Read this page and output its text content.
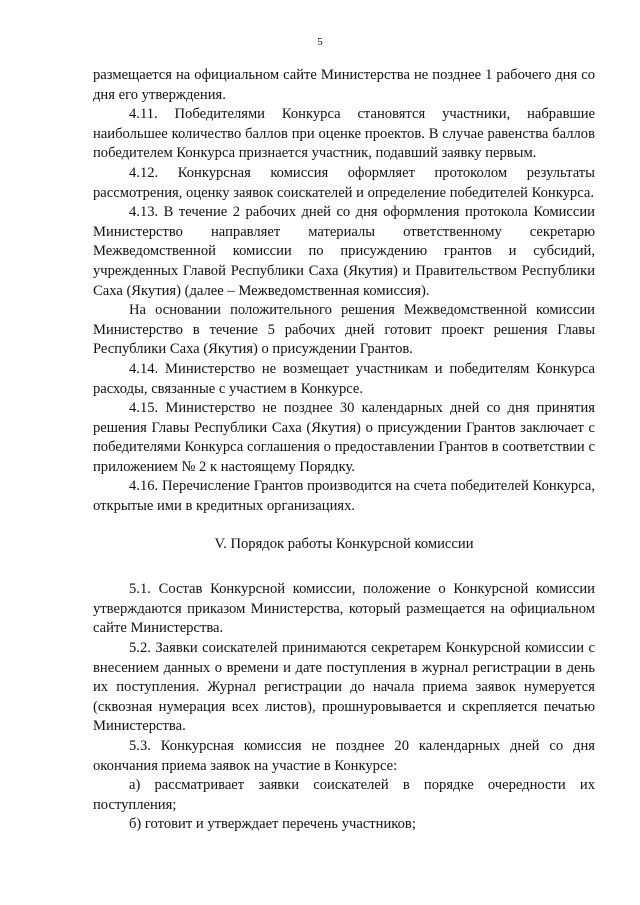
5

размещается на официальном сайте Министерства не позднее 1 рабочего дня со дня его утверждения.

4.11. Победителями Конкурса становятся участники, набравшие наибольшее количество баллов при оценке проектов. В случае равенства баллов победителем Конкурса признается участник, подавший заявку первым.

4.12. Конкурсная комиссия оформляет протоколом результаты рассмотрения, оценку заявок соискателей и определение победителей Конкурса.

4.13. В течение 2 рабочих дней со дня оформления протокола Комиссии Министерство направляет материалы ответственному секретарю Межведомственной комиссии по присуждению грантов и субсидий, учрежденных Главой Республики Саха (Якутия) и Правительством Республики Саха (Якутия) (далее – Межведомственная комиссия).

На основании положительного решения Межведомственной комиссии Министерство в течение 5 рабочих дней готовит проект решения Главы Республики Саха (Якутия) о присуждении Грантов.

4.14. Министерство не возмещает участникам и победителям Конкурса расходы, связанные с участием в Конкурсе.

4.15. Министерство не позднее 30 календарных дней со дня принятия решения Главы Республики Саха (Якутия) о присуждении Грантов заключает с победителями Конкурса соглашения о предоставлении Грантов в соответствии с приложением № 2 к настоящему Порядку.

4.16. Перечисление Грантов производится на счета победителей Конкурса, открытые ими в кредитных организациях.

V. Порядок работы Конкурсной комиссии

5.1. Состав Конкурсной комиссии, положение о Конкурсной комиссии утверждаются приказом Министерства, который размещается на официальном сайте Министерства.

5.2. Заявки соискателей принимаются секретарем Конкурсной комиссии с внесением данных о времени и дате поступления в журнал регистрации в день их поступления. Журнал регистрации до начала приема заявок нумеруется (сквозная нумерация всех листов), прошнуровывается и скрепляется печатью Министерства.

5.3. Конкурсная комиссия не позднее 20 календарных дней со дня окончания приема заявок на участие в Конкурсе:

а) рассматривает заявки соискателей в порядке очередности их поступления;

б) готовит и утверждает перечень участников;
